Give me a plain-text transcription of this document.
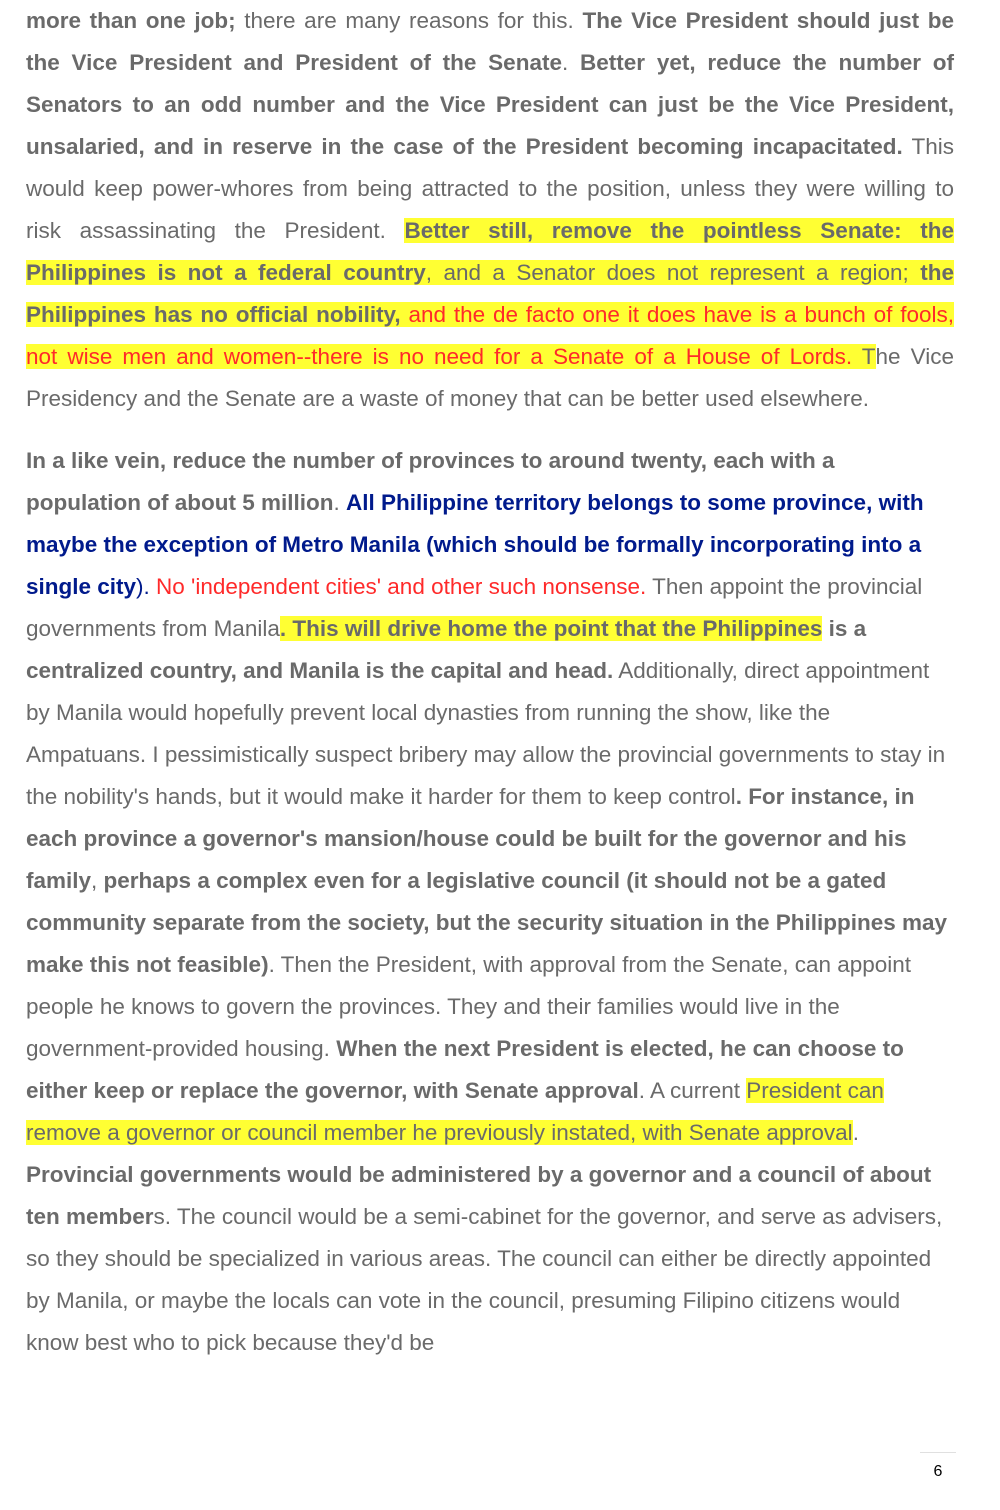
more than one job; there are many reasons for this. The Vice President should just be the Vice President and President of the Senate. Better yet, reduce the number of Senators to an odd number and the Vice President can just be the Vice President, unsalaried, and in reserve in the case of the President becoming incapacitated. This would keep power-whores from being attracted to the position, unless they were willing to risk assassinating the President. Better still, remove the pointless Senate: the Philippines is not a federal country, and a Senator does not represent a region; the Philippines has no official nobility, and the de facto one it does have is a bunch of fools, not wise men and women--there is no need for a Senate of a House of Lords. The Vice Presidency and the Senate are a waste of money that can be better used elsewhere.

In a like vein, reduce the number of provinces to around twenty, each with a population of about 5 million. All Philippine territory belongs to some province, with maybe the exception of Metro Manila (which should be formally incorporating into a single city). No 'independent cities' and other such nonsense. Then appoint the provincial governments from Manila. This will drive home the point that the Philippines is a centralized country, and Manila is the capital and head. Additionally, direct appointment by Manila would hopefully prevent local dynasties from running the show, like the Ampatuans. I pessimistically suspect bribery may allow the provincial governments to stay in the nobility's hands, but it would make it harder for them to keep control. For instance, in each province a governor's mansion/house could be built for the governor and his family, perhaps a complex even for a legislative council (it should not be a gated community separate from the society, but the security situation in the Philippines may make this not feasible). Then the President, with approval from the Senate, can appoint people he knows to govern the provinces. They and their families would live in the government-provided housing. When the next President is elected, he can choose to either keep or replace the governor, with Senate approval. A current President can remove a governor or council member he previously instated, with Senate approval. Provincial governments would be administered by a governor and a council of about ten members. The council would be a semi-cabinet for the governor, and serve as advisers, so they should be specialized in various areas. The council can either be directly appointed by Manila, or maybe the locals can vote in the council, presuming Filipino citizens would know best who to pick because they'd be

6
